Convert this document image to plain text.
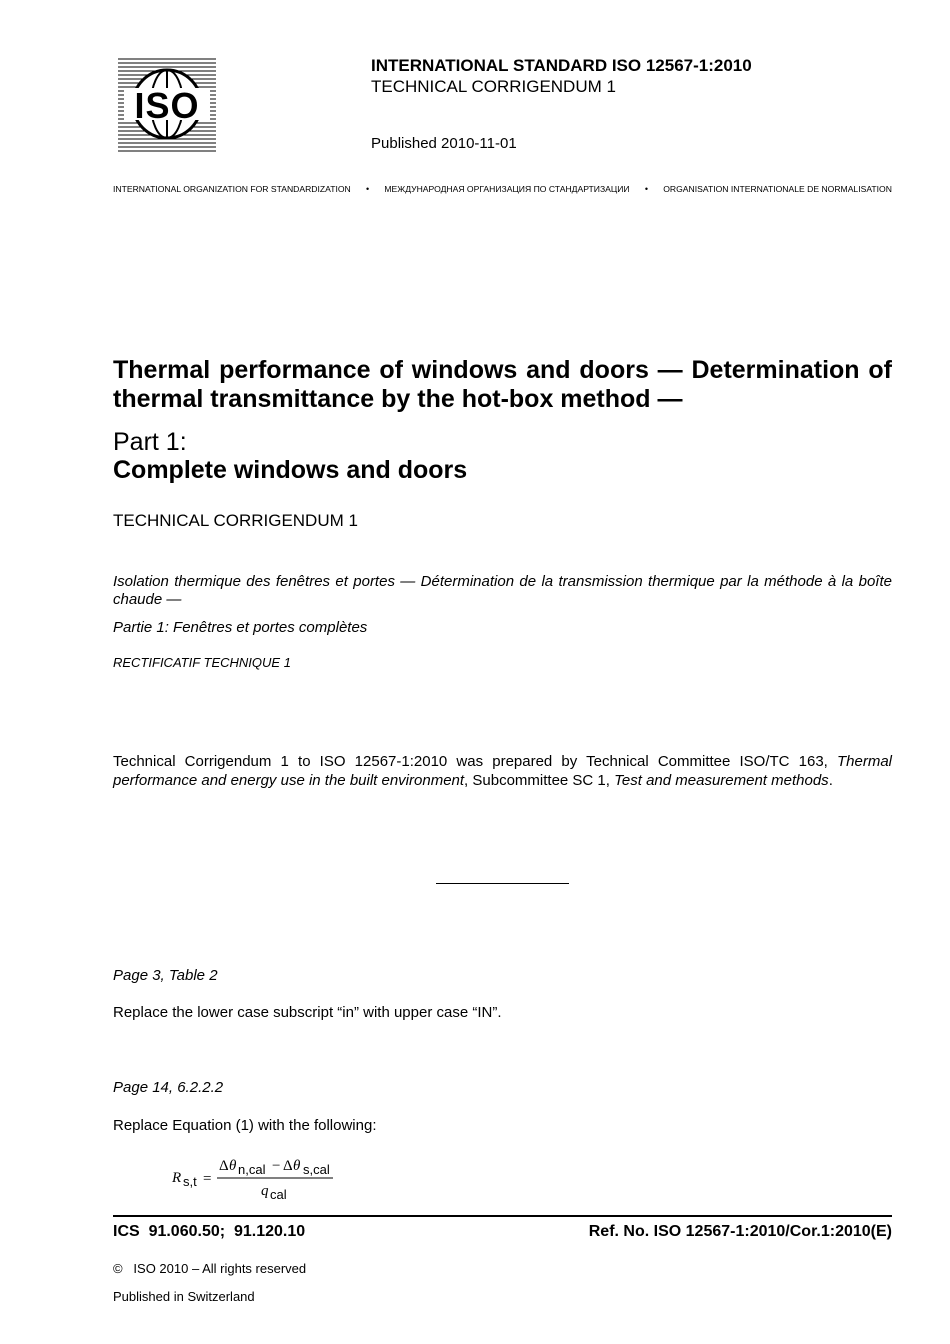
ISO
INTERNATIONAL STANDARD ISO 12567-1:2010
TECHNICAL CORRIGENDUM 1
Published 2010-11-01
INTERNATIONAL ORGANIZATION FOR STANDARDIZATION • МЕЖДУНАРОДНАЯ ОРГАНИЗАЦИЯ ПО СТАНДАРТИЗАЦИИ • ORGANISATION INTERNATIONALE DE NORMALISATION
Thermal performance of windows and doors — Determination of thermal transmittance by the hot-box method —
Part 1:
Complete windows and doors
TECHNICAL CORRIGENDUM 1
Isolation thermique des fenêtres et portes — Détermination de la transmission thermique par la méthode à la boîte chaude —
Partie 1: Fenêtres et portes complètes
RECTIFICATIF TECHNIQUE 1
Technical Corrigendum 1 to ISO 12567-1:2010 was prepared by Technical Committee ISO/TC 163, Thermal performance and energy use in the built environment, Subcommittee SC 1, Test and measurement methods.
Page 3, Table 2
Replace the lower case subscript “in” with upper case “IN”.
Page 14, 6.2.2.2
Replace Equation (1) with the following:
R s,t =
Δ θ n,cal − Δ θ s,cal
q cal
ICS  91.060.50;  91.120.10	Ref. No. ISO 12567-1:2010/Cor.1:2010(E)
©   ISO 2010 – All rights reserved
Published in Switzerland
